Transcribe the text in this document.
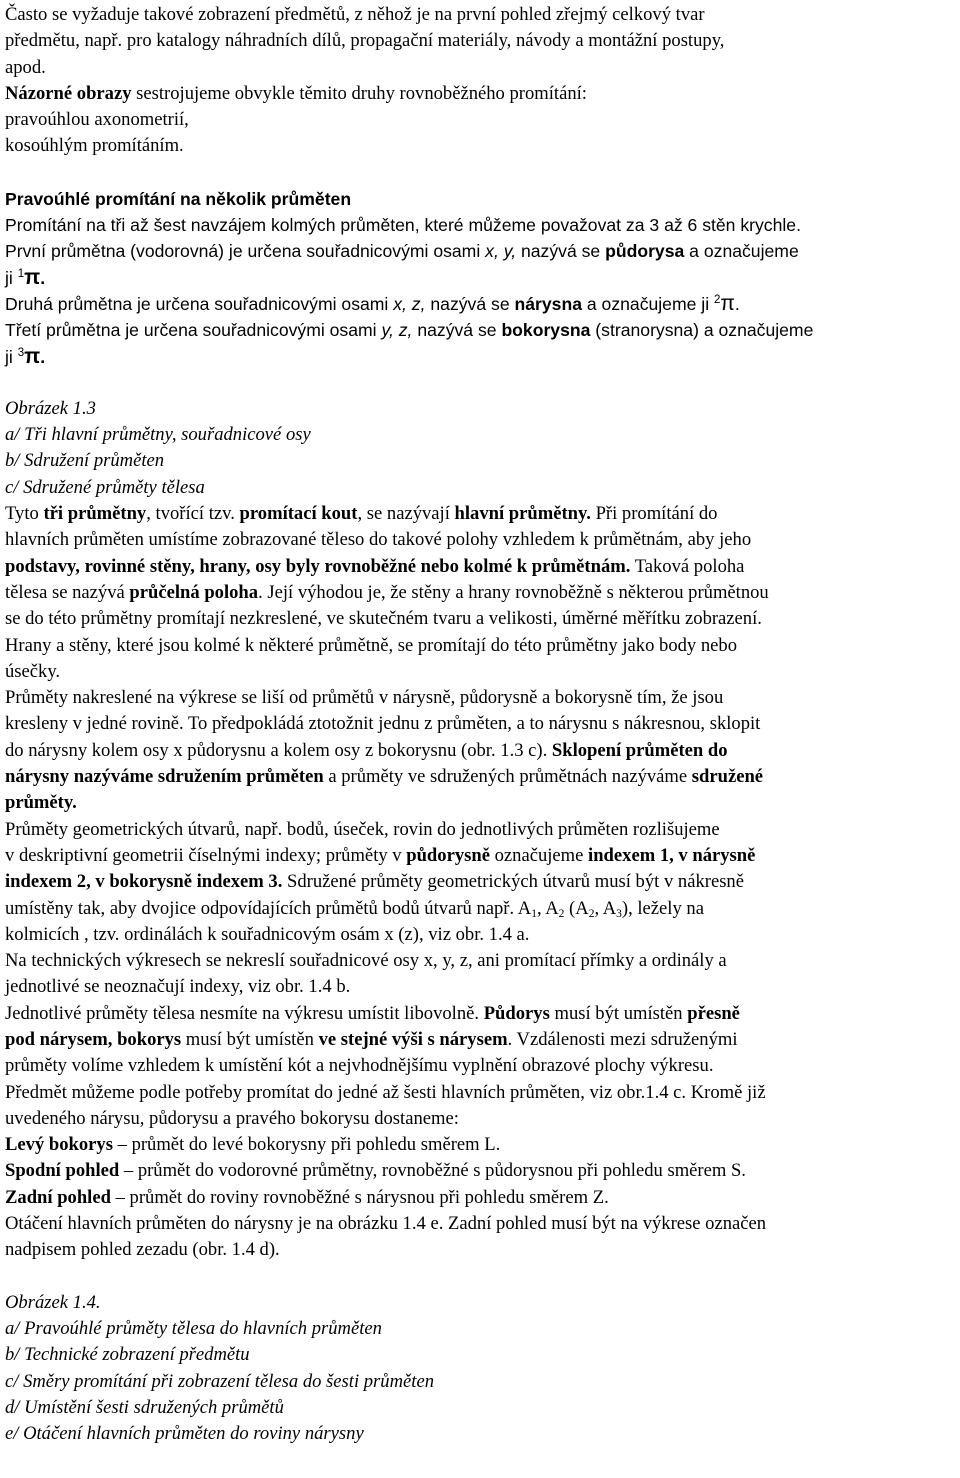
Často se vyžaduje takové zobrazení předmětů, z něhož je na první pohled zřejmý celkový tvar
předmětu, např. pro katalogy náhradních dílů, propagační materiály, návody a montážní postupy,
apod.
Názorné obrazy sestrojujeme obvykle těmito druhy rovnoběžného promítání:
pravoúhlou axonometrií,
kosoúhlým promítáním.
Pravoúhlé promítání na několik průměten
Promítání na tři až šest navzájem kolmých průměten, které můžeme považovat za 3 až 6 stěn krychle.
První průmětna (vodorovná) je určena souřadnicovými osami x, y, nazývá se půdorysa a označujeme
ji $^1$π.
Druhá průmětna je určena souřadnicovými osami x, z, nazývá se nárysna a označujeme ji $^2$π.
Třetí průmětna je určena souřadnicovými osami y, z, nazývá se bokorysna (stranorysna) a označujeme
ji $^3$π.
Obrázek 1.3
a/ Tři hlavní průmětny, souřadnicové osy
b/ Sdružení průměten
c/ Sdružené průměty tělesa
Tyto tři průmětny, tvořící tzv. promítací kout, se nazývají hlavní průmětny. Při promítání do
hlavních průměten umístíme zobrazované těleso do takové polohy vzhledem k průmětnám, aby jeho
podstavy, rovinné stěny, hrany, osy byly rovnoběžné nebo kolmé k průmětnám. Taková poloha
tělesa se nazývá průčelná poloha. Její výhodou je, že stěny a hrany rovnoběžně s některou průmětnou
se do této průmětny promítají nezkreslené, ve skutečném tvaru a velikosti, úměrné měřítku zobrazení.
Hrany a stěny, které jsou kolmé k některé průmětně, se promítají do této průmětny jako body nebo
úsečky.
Průměty nakreslené na výkrese se liší od průmětů v nárysně, půdorysně a bokorysně tím, že jsou
kresleny v jedné rovině. To předpokládá ztotožnit jednu z průměten, a to nárysnu s nákresnou, sklopit
do nárysny kolem osy x půdorysnu a kolem osy z bokorysnu (obr. 1.3 c). Sklopení průměten do
nárysny nazýváme sdružením průměten a průměty ve sdružených průmětnách nazýváme sdružené
průměty.
Průměty geometrických útvarů, např. bodů, úseček, rovin do jednotlivých průměten rozlišujeme
v deskriptivní geometrii číselnými indexy; průměty v půdorysně označujeme indexem 1, v nárysně
indexem 2, v bokorysně indexem 3. Sdružené průměty geometrických útvarů musí být v nákresně
umístěny tak, aby dvojice odpovídajících průmětů bodů útvarů např. $A_1$, $A_2$ ($A_2$, $A_3$), ležely na
kolmicích , tzv. ordinálách k souřadnicovým osám x (z), viz obr. 1.4 a.
Na technických výkresech se nekreslí souřadnicové osy x, y, z, ani promítací přímky a ordinály a
jednotlivé se neoznačují indexy, viz obr. 1.4 b.
Jednotlivé průměty tělesa nesmíte na výkresu umístit libovolně. Půdorys musí být umístěn přesně
pod nárysem, bokorys musí být umístěn ve stejné výši s nárysem. Vzdálenosti mezi sdruženými
průměty volíme vzhledem k umístění kót a nejvhodnějšímu vyplnění obrazové plochy výkresu.
Předmět můžeme podle potřeby promítat do jedné až šesti hlavních průměten, viz obr.1.4 c. Kromě již
uvedeného nárysu, půdorysu a pravého bokorysu dostaneme:
Levý bokorys – průmět do levé bokorysny při pohledu směrem L.
Spodní pohled – průmět do vodorovné průmětny, rovnoběžné s půdorysnou při pohledu směrem S.
Zadní pohled – průmět do roviny rovnoběžné s nárysnou při pohledu směrem Z.
Otáčení hlavních průměten do nárysny je na obrázku 1.4 e. Zadní pohled musí být na výkrese označen
nadpisem pohled zezadu (obr. 1.4 d).
Obrázek 1.4.
a/ Pravoúhlé průměty tělesa do hlavních průměten
b/ Technické zobrazení předmětu
c/ Směry promítání při zobrazení tělesa do šesti průměten
d/ Umístění šesti sdružených průmětů
e/ Otáčení hlavních průměten do roviny nárysny
